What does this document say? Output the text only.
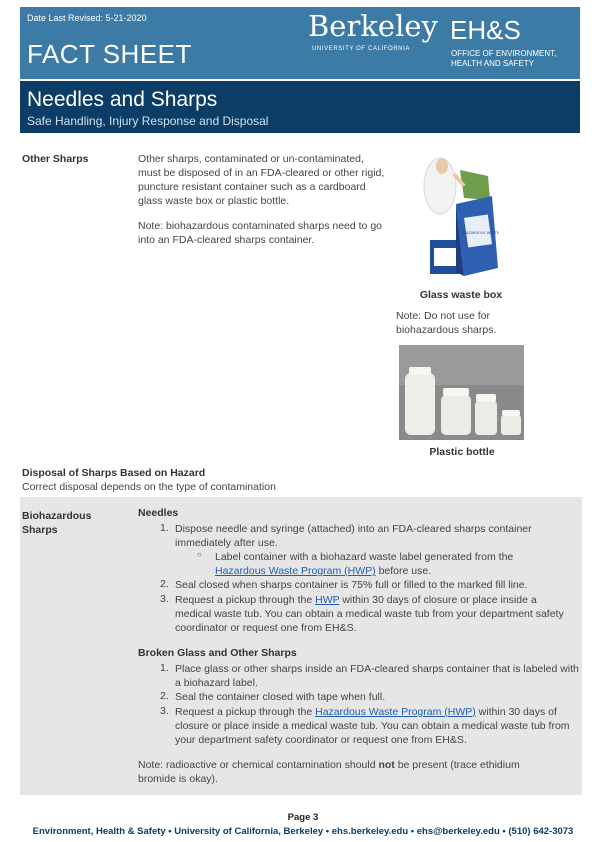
Date Last Revised: 5-21-2020
FACT SHEET
Berkeley
UNIVERSITY OF CALIFORNIA
EH&S
OFFICE OF ENVIRONMENT,
HEALTH AND SAFETY
Needles and Sharps
Safe Handling, Injury Response and Disposal
Other Sharps	Other sharps, contaminated or un-contaminated, must be disposed of in an FDA-cleared or other rigid, puncture resistant container such as a cardboard glass waste box or plastic bottle.
Note: biohazardous contaminated sharps need to go into an FDA-cleared sharps container.
BIOHAZARDOUS WASTE
Glass waste box
Note: Do not use for biohazardous sharps.
Plastic bottle
Disposal of Sharps Based on Hazard
Correct disposal depends on the type of contamination
Biohazardous
Sharps
Needles
1. Dispose needle and syringe (attached) into an FDA-cleared sharps container immediately after use.
○ Label container with a biohazard waste label generated from the
Hazardous Waste Program (HWP) before use.
2. Seal closed when sharps container is 75% full or filled to the marked fill line.
3. Request a pickup through the HWP within 30 days of closure or place inside a medical waste tub. You can obtain a medical waste tub from your department safety coordinator or request one from EH&S.
Broken Glass and Other Sharps
1. Place glass or other sharps inside an FDA-cleared sharps container that is labeled with a biohazard label.
2. Seal the container closed with tape when full.
3. Request a pickup through the Hazardous Waste Program (HWP) within 30 days of closure or place inside a medical waste tub. You can obtain a medical waste tub from your department safety coordinator or request one from EH&S.
Note: radioactive or chemical contamination should not be present (trace ethidium bromide is okay).
Page 3
Environment, Health & Safety • University of California, Berkeley • ehs.berkeley.edu • ehs@berkeley.edu • (510) 642-3073
